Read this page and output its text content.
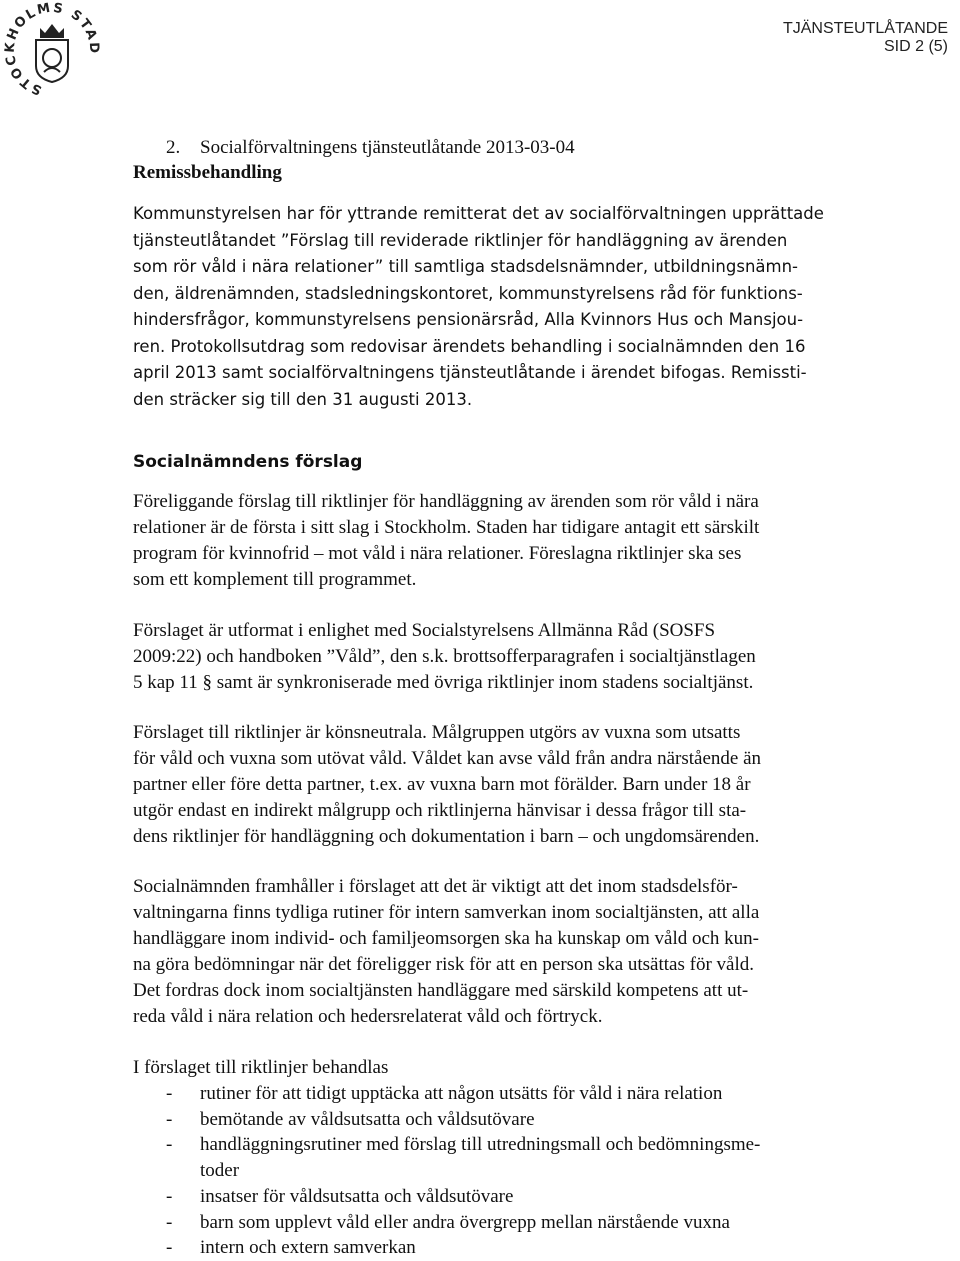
STOCKHOLMS STAD
TJÄNSTEUTLÅTANDE
SID 2 (5)
2. Socialförvaltningens tjänsteutlåtande 2013-03-04
Remissbehandling
Kommunstyrelsen har för yttrande remitterat det av socialförvaltningen upprättade
tjänsteutlåtandet ”Förslag till reviderade riktlinjer för handläggning av ärenden
som rör våld i nära relationer” till samtliga stadsdelsnämnder, utbildningsnämn-
den, äldrenämnden, stadsledningskontoret, kommunstyrelsens råd för funktions-
hindersfrågor, kommunstyrelsens pensionärsråd, Alla Kvinnors Hus och Mansjou-
ren. Protokollsutdrag som redovisar ärendets behandling i socialnämnden den 16
april 2013 samt socialförvaltningens tjänsteutlåtande i ärendet bifogas. Remissti-
den sträcker sig till den 31 augusti 2013.
Socialnämndens förslag
Föreliggande förslag till riktlinjer för handläggning av ärenden som rör våld i nära
relationer är de första i sitt slag i Stockholm. Staden har tidigare antagit ett särskilt
program för kvinnofrid – mot våld i nära relationer. Föreslagna riktlinjer ska ses
som ett komplement till programmet.
Förslaget är utformat i enlighet med Socialstyrelsens Allmänna Råd (SOSFS
2009:22) och handboken ”Våld”, den s.k. brottsofferparagrafen i socialtjänstlagen
5 kap 11 § samt är synkroniserade med övriga riktlinjer inom stadens socialtjänst.
Förslaget till riktlinjer är könsneutrala. Målgruppen utgörs av vuxna som utsatts
för våld och vuxna som utövat våld. Våldet kan avse våld från andra närstående än
partner eller före detta partner, t.ex. av vuxna barn mot förälder. Barn under 18 år
utgör endast en indirekt målgrupp och riktlinjerna hänvisar i dessa frågor till sta-
dens riktlinjer för handläggning och dokumentation i barn – och ungdomsärenden.
Socialnämnden framhåller i förslaget att det är viktigt att det inom stadsdelsför-
valtningarna finns tydliga rutiner för intern samverkan inom socialtjänsten, att alla
handläggare inom individ- och familjeomsorgen ska ha kunskap om våld och kun-
na göra bedömningar när det föreligger risk för att en person ska utsättas för våld.
Det fordras dock inom socialtjänsten handläggare med särskild kompetens att ut-
reda våld i nära relation och hedersrelaterat våld och förtryck.
I förslaget till riktlinjer behandlas
- rutiner för att tidigt upptäcka att någon utsätts för våld i nära relation
- bemötande av våldsutsatta och våldsutövare
- handläggningsrutiner med förslag till utredningsmall och bedömningsme-
toder
- insatser för våldsutsatta och våldsutövare
- barn som upplevt våld eller andra övergrepp mellan närstående vuxna
- intern och extern samverkan
